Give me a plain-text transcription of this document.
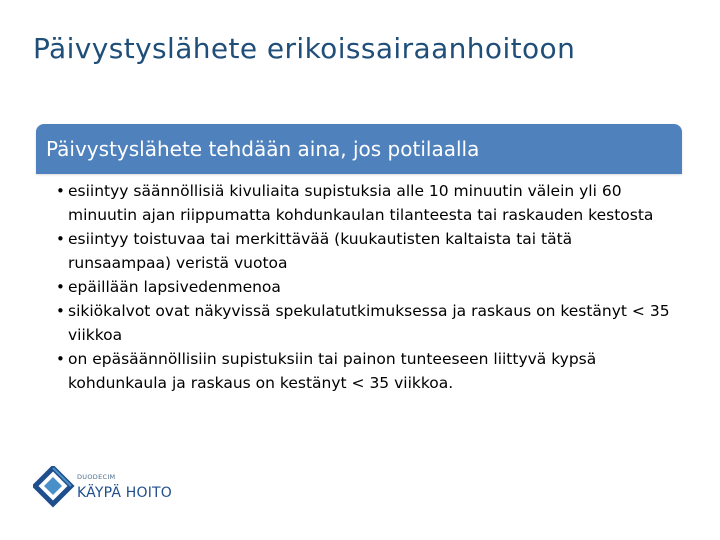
Päivystyslähete erikoissairaanhoitoon
Päivystyslähete tehdään aina, jos potilaalla
• esiintyy säännöllisiä kivuliaita supistuksia alle 10 minuutin välein yli 60 minuutin ajan riippumatta kohdunkaulan tilanteesta tai raskauden kestosta
• esiintyy toistuvaa tai merkittävää (kuukautisten kaltaista tai tätä runsaampaa) veristä vuotoa
• epäillään lapsivedenmenoa
• sikiökalvot ovat näkyvissä spekulatutkimuksessa ja raskaus on kestänyt < 35 viikkoa
• on epäsäännöllisiin supistuksiin tai painon tunteeseen liittyvä kypsä kohdunkaula ja raskaus on kestänyt < 35 viikkoa.
DUODECIM
KÄYPÄ HOITO
